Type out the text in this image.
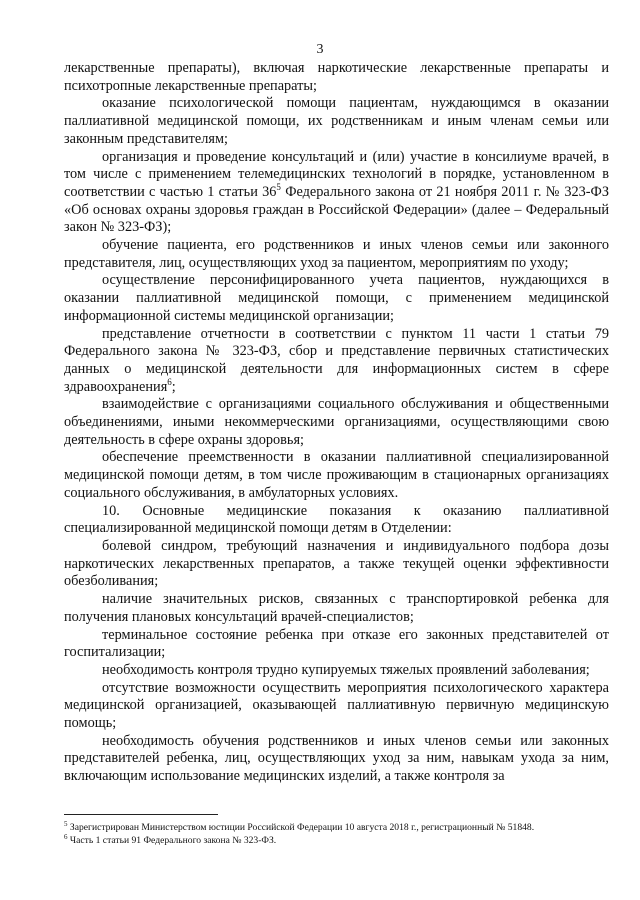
3

лекарственные препараты), включая наркотические лекарственные препараты и психотропные лекарственные препараты;

оказание психологической помощи пациентам, нуждающимся в оказании паллиативной медицинской помощи, их родственникам и иным членам семьи или законным представителям;

организация и проведение консультаций и (или) участие в консилиуме врачей, в том числе с применением телемедицинских технологий в порядке, установленном в соответствии с частью 1 статьи $36^5$ Федерального закона от 21 ноября 2011 г. № 323-ФЗ «Об основах охраны здоровья граждан в Российской Федерации» (далее – Федеральный закон № 323-ФЗ);

обучение пациента, его родственников и иных членов семьи или законного представителя, лиц, осуществляющих уход за пациентом, мероприятиям по уходу;

осуществление персонифицированного учета пациентов, нуждающихся в оказании паллиативной медицинской помощи, с применением медицинской информационной системы медицинской организации;

представление отчетности в соответствии с пунктом 11 части 1 статьи 79 Федерального закона № 323-ФЗ, сбор и представление первичных статистических данных о медицинской деятельности для информационных систем в сфере здравоохранения$^6$;

взаимодействие с организациями социального обслуживания и общественными объединениями, иными некоммерческими организациями, осуществляющими свою деятельность в сфере охраны здоровья;

обеспечение преемственности в оказании паллиативной специализированной медицинской помощи детям, в том числе проживающим в стационарных организациях социального обслуживания, в амбулаторных условиях.

10. Основные медицинские показания к оказанию паллиативной специализированной медицинской помощи детям в Отделении:

болевой синдром, требующий назначения и индивидуального подбора дозы наркотических лекарственных препаратов, а также текущей оценки эффективности обезболивания;

наличие значительных рисков, связанных с транспортировкой ребенка для получения плановых консультаций врачей-специалистов;

терминальное состояние ребенка при отказе его законных представителей от госпитализации;

необходимость контроля трудно купируемых тяжелых проявлений заболевания;

отсутствие возможности осуществить мероприятия психологического характера медицинской организацией, оказывающей паллиативную первичную медицинскую помощь;

необходимость обучения родственников и иных членов семьи или законных представителей ребенка, лиц, осуществляющих уход за ним, навыкам ухода за ним, включающим использование медицинских изделий, а также контроля за

$^5$ Зарегистрирован Министерством юстиции Российской Федерации 10 августа 2018 г., регистрационный № 51848.
$^6$ Часть 1 статьи 91 Федерального закона № 323-ФЗ.
